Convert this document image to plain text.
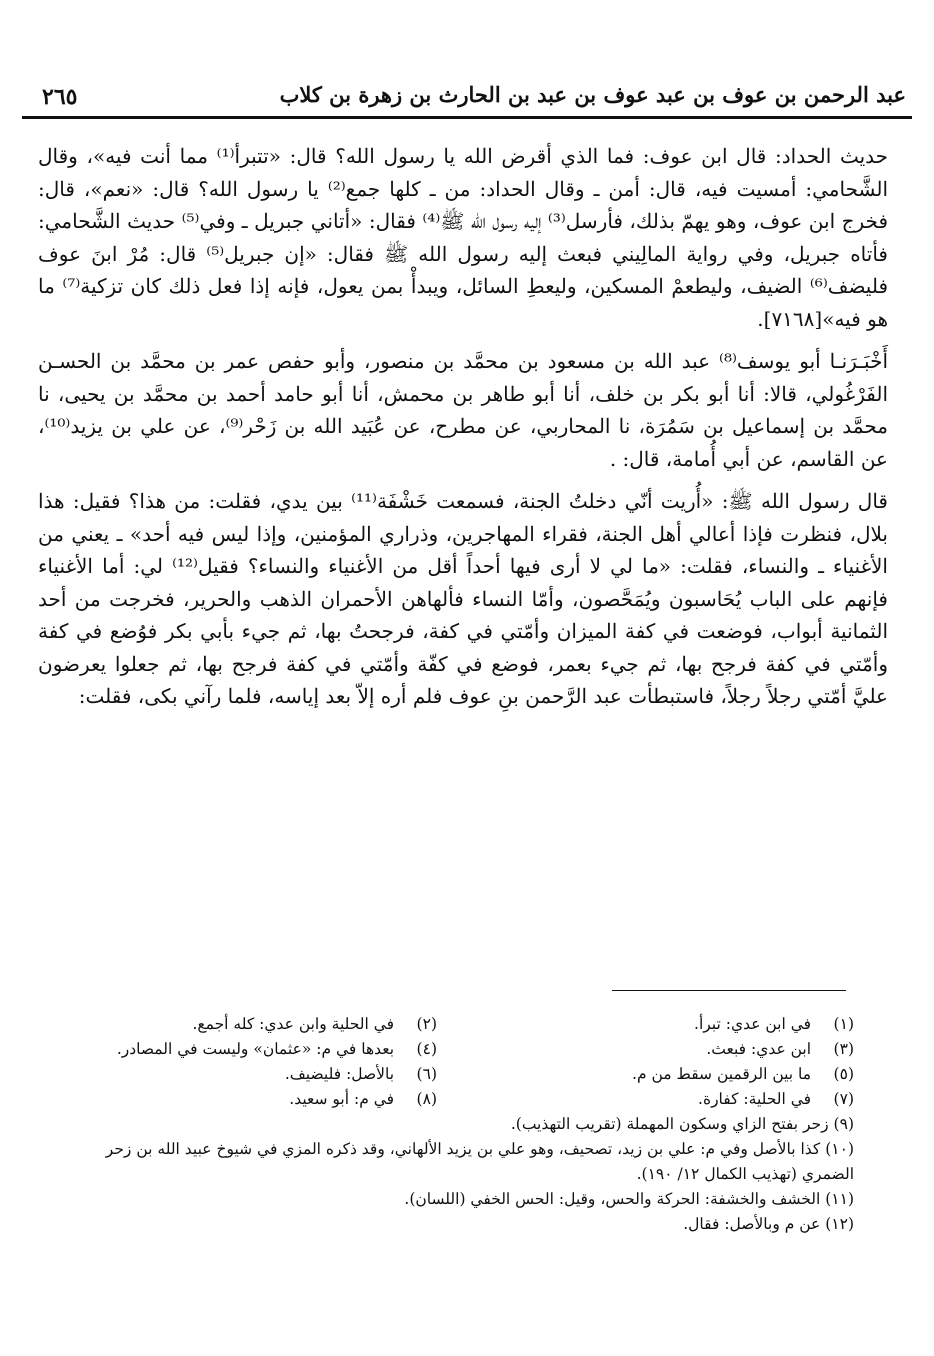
٢٦٥	عبد الرحمن بن عوف بن عبد عوف بن عبد بن الحارث بن زهرة بن كلاب

حديث الحداد: قال ابن عوف: فما الذي أقرض الله يا رسول الله؟ قال: «تتبرأ⁽¹⁾ مما أنت فيه»، وقال الشَّحامي: أمسيت فيه، قال: أمن ـ وقال الحداد: من ـ كلها جمع⁽²⁾ يا رسول الله؟ قال: «نعم»، قال: فخرج ابن عوف، وهو يهمّ بذلك، فأرسل⁽³⁾ إليه رسول الله ﷺ⁽⁴⁾ فقال: «أتاني جبريل ـ وفي⁽⁵⁾ حديث الشَّحامي: فأتاه جبريل، وفي رواية المالِيني فبعث إليه رسول الله ﷺ فقال: «إن جبريل⁽⁵⁾ قال: مُرْ ابنَ عوف فليضف⁽⁶⁾ الضيف، وليطعمْ المسكين، وليعطِ السائل، ويبدأْ بمن يعول، فإنه إذا فعل ذلك كان تزكية⁽⁷⁾ ما هو فيه»[٧١٦٨].

أَخْبَـرَنـا أبو يوسف⁽⁸⁾ عبد الله بن مسعود بن محمَّد بن منصور، وأبو حفص عمر بن محمَّد بن الحسـن الفَرْغُولي، قالا: أنا أبو بكر بن خلف، أنا أبو طاهر بن محمش، أنا أبو حامد أحمد بن محمَّد بن يحيى، نا محمَّد بن إسماعيل بن سَمُرَة، نا المحاربي، عن مطرح، عن عُبَيد الله بن زَحْر⁽⁹⁾، عن علي بن يزيد⁽¹⁰⁾، عن القاسم، عن أبي أُمامة، قال: .

قال رسول الله ﷺ: «أُريت أنّي دخلتُ الجنة، فسمعت خَشْفَة⁽¹¹⁾ بين يدي، فقلت: من هذا؟ فقيل: هذا بلال، فنظرت فإذا أعالي أهل الجنة، فقراء المهاجرين، وذراري المؤمنين، وإذا ليس فيه أحد» ـ يعني من الأغنياء ـ والنساء، فقلت: «ما لي لا أرى فيها أحداً أقل من الأغنياء والنساء؟ فقيل⁽¹²⁾ لي: أما الأغنياء فإنهم على الباب يُحَاسبون ويُمَحَّصون، وأمّا النساء فألهاهن الأحمران الذهب والحرير، فخرجت من أحد الثمانية أبواب، فوضعت في كفة الميزان وأمّتي في كفة، فرجحتُ بها، ثم جيء بأبي بكر فوُضع في كفة وأمّتي في كفة فرجح بها، ثم جيء بعمر، فوضع في كفّة وأمّتي في كفة فرجح بها، ثم جعلوا يعرضون عليَّ أمّتي رجلاً رجلاً، فاستبطأت عبد الرَّحمن بنِ عوف فلم أره إلاّ بعد إياسه، فلما رآني بكى، فقلت:

(١) في ابن عدي: تبرأ.
(٢) في الحلية وابن عدي: كله أجمع.
(٣) ابن عدي: فبعث.
(٤) بعدها في م: «عثمان» وليست في المصادر.
(٥) ما بين الرقمين سقط من م.
(٦) بالأصل: فليضيف.
(٧) في الحلية: كفارة.
(٨) في م: أبو سعيد.
(٩) زحر بفتح الزاي وسكون المهملة (تقريب التهذيب).
(١٠) كذا بالأصل وفي م: علي بن زيد، تصحيف، وهو علي بن يزيد الألهاني، وقد ذكره المزي في شيوخ عبيد الله بن زحر الضمري (تهذيب الكمال ١٢/ ١٩٠).
(١١) الخشف والخشفة: الحركة والحس، وقيل: الحس الخفي (اللسان).
(١٢) عن م وبالأصل: فقال.
